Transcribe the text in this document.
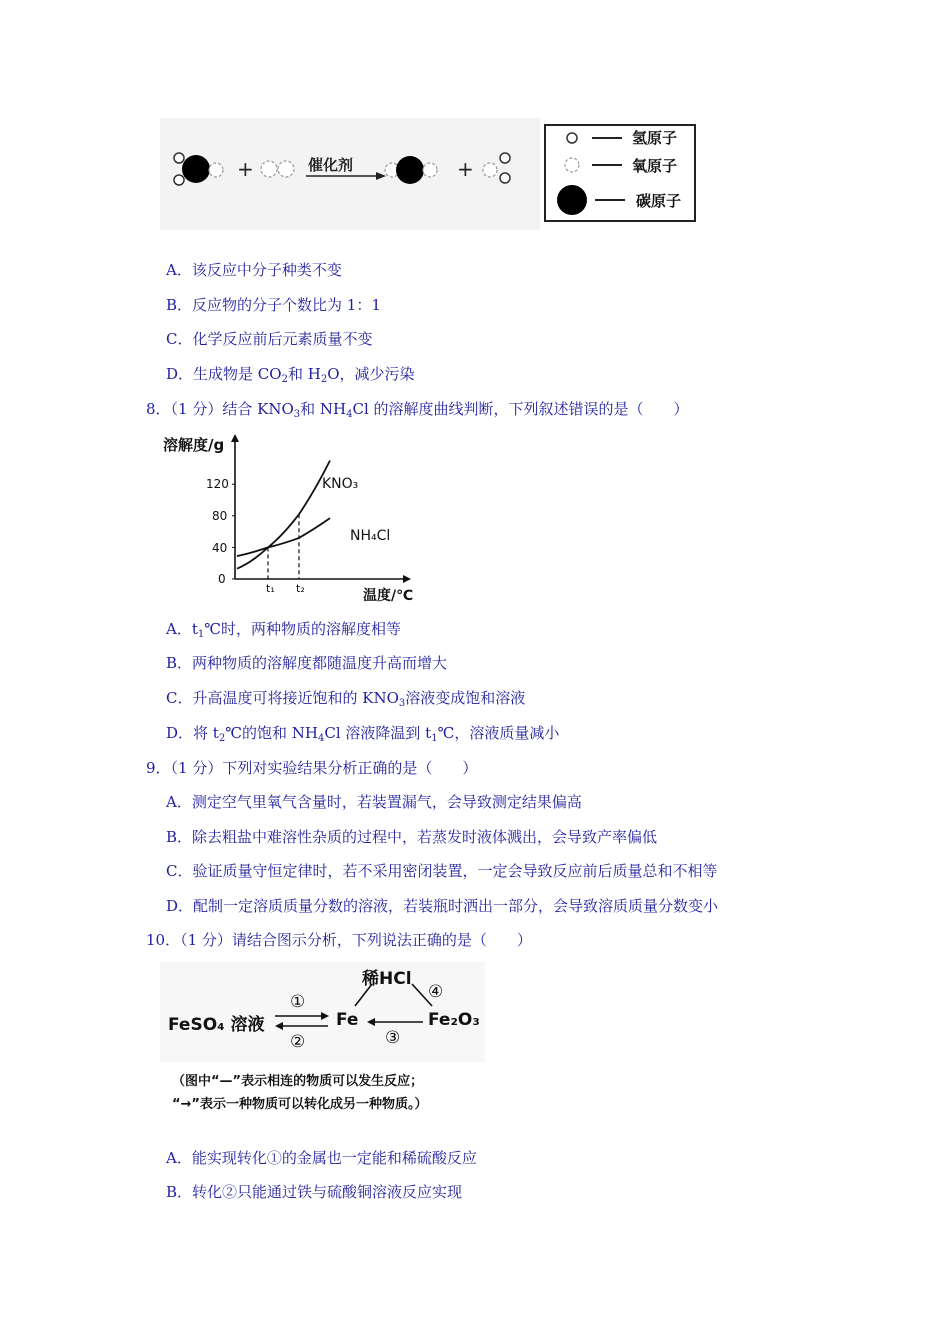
+	催化剂	+
氢原子
氧原子
碳原子
A．该反应中分子种类不变
B．反应物的分子个数比为 1：1
C．化学反应前后元素质量不变
D．生成物是 $CO_2$和 $H_2O$，减少污染
8．（1 分）结合 $KNO_3$和 $NH_4Cl$ 的溶解度曲线判断，下列叙述错误的是（　　）
溶解度/g
温度/℃
120
80
40
0
t₁ t₂
KNO₃
NH₄Cl
A．$t_1℃$时，两种物质的溶解度相等
B．两种物质的溶解度都随温度升高而增大
C．升高温度可将接近饱和的 $KNO_3$溶液变成饱和溶液
D．将 $t_2℃$的饱和 $NH_4Cl$ 溶液降温到 $t_1℃$，溶液质量减小
9．（1 分）下列对实验结果分析正确的是（　　）
A．测定空气里氧气含量时，若装置漏气，会导致测定结果偏高
B．除去粗盐中难溶性杂质的过程中，若蒸发时液体溅出，会导致产率偏低
C．验证质量守恒定律时，若不采用密闭装置，一定会导致反应前后质量总和不相等
D．配制一定溶质质量分数的溶液，若装瓶时洒出一部分，会导致溶质质量分数变小
10．（1 分）请结合图示分析，下列说法正确的是（　　）
稀HCl
FeSO₄ 溶液	Fe	Fe₂O₃
①
②	③
④
（图中“—”表示相连的物质可以发生反应；
“→”表示一种物质可以转化成另一种物质。）
A．能实现转化①的金属也一定能和稀硫酸反应
B．转化②只能通过铁与硫酸铜溶液反应实现
